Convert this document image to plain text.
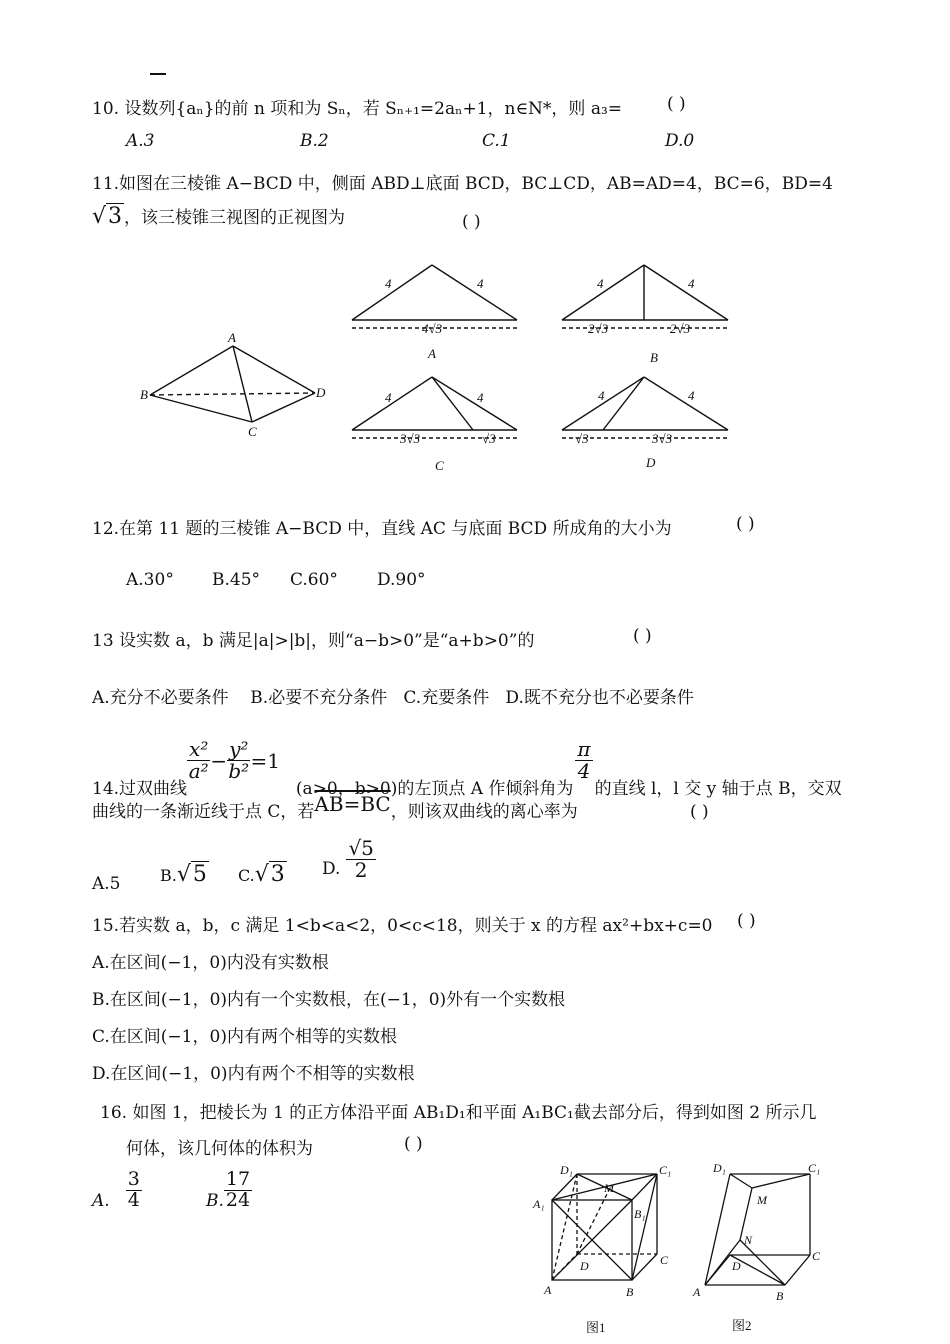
10. 设数列{aₙ}的前 n 项和为 Sₙ，若 Sₙ₊₁=2aₙ+1，n∈N*，则 a₃=	( )
A.3	B.2	C.1	D.0
11.如图在三棱锥 A−BCD 中，侧面 ABD⊥底面 BCD，BC⊥CD，AB=AD=4，BC=6，BD=4
√3 ，该三棱锥三视图的正视图为	( )
A
B
C
D
4	4
4√3
A
4	4
2√3	2√3
B
4	4
3√3	√3
C
4	4
√3	3√3
D
12.在第 11 题的三棱锥 A−BCD 中，直线 AC 与底面 BCD 所成角的大小为	( )
A.30° B.45° C.60° D.90°
13 设实数 a，b 满足|a|>|b|，则“a−b>0”是“a+b>0”的	( )
A.充分不必要条件    B.必要不充分条件   C.充要条件   D.既不充分也不必要条件
14.过双曲线
$\frac{\text{x²}}{\text{a²}} - \frac{\text{y²}}{\text{b²}} =1$
(a>0，b>0)的左顶点 A 作倾斜角为
$\frac{\pi}{4}$
的直线 l，l 交 y 轴于点 B，交双
曲线的一条渐近线于点 C，若 AB=BC ，则该双曲线的离心率为	( )
A.5 B.√5 C.√3 D. $\frac{√5}{2}$
15.若实数 a，b，c 满足 1<b<a<2，0<c<18，则关于 x 的方程 ax²+bx+c=0 ( )
A.在区间(−1，0)内没有实数根
B.在区间(−1，0)内有一个实数根，在(−1，0)外有一个实数根
C.在区间(−1，0)内有两个相等的实数根
D.在区间(−1，0)内有两个不相等的实数根
16. 如图 1，把棱长为 1 的正方体沿平面 AB₁D₁和平面 A₁BC₁截去部分后，得到如图 2 所示几
何体，该几何体的体积为	( )
A. $\frac{3}{4}$	B. $\frac{17}{24}$	D₁	C₁
A₁
B₁
M
D	C
A	B
D₁	C₁
M
N
D
C
A	B
图1	图2
